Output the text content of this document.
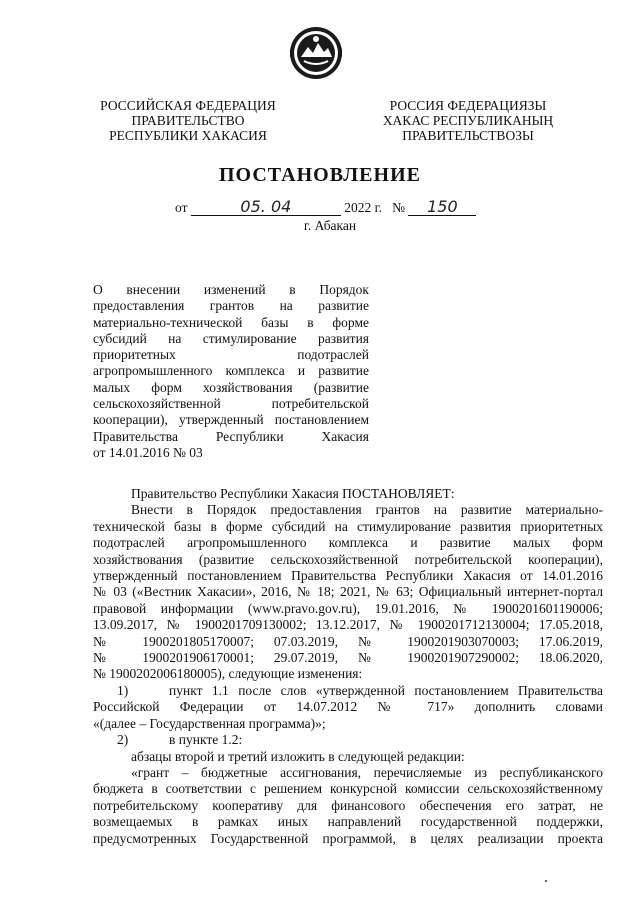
РОССИЙСКАЯ ФЕДЕРАЦИЯ
ПРАВИТЕЛЬСТВО
РЕСПУБЛИКИ ХАКАСИЯ
РОССИЯ ФЕДЕРАЦИЯЗЫ
ХАКАС РЕСПУБЛИКАНЫҢ
ПРАВИТЕЛЬСТВОЗЫ
ПОСТАНОВЛЕНИЕ
от	05. 04	2022 г. № 150
г. Абакан
О внесении изменений в Порядок
предоставления грантов на развитие
материально-технической базы в форме
субсидий на стимулирование развития
приоритетных подотраслей
агропромышленного комплекса и развитие
малых форм хозяйствования (развитие
сельскохозяйственной потребительской
кооперации), утвержденный постановлением
Правительства Республики Хакасия
от 14.01.2016 № 03
Правительство Республики Хакасия ПОСТАНОВЛЯЕТ:
Внести в Порядок предоставления грантов на развитие материально-
технической базы в форме субсидий на стимулирование развития приоритетных
подотраслей агропромышленного комплекса и развитие малых форм
хозяйствования (развитие сельскохозяйственной потребительской кооперации),
утвержденный постановлением Правительства Республики Хакасия от 14.01.2016
№ 03 («Вестник Хакасии», 2016, № 18; 2021, № 63; Официальный интернет-портал
правовой информации (www.pravo.gov.ru), 19.01.2016, № 1900201601190006;
13.09.2017, № 1900201709130002; 13.12.2017, № 1900201712130004; 17.05.2018,
№ 1900201805170007; 07.03.2019, № 1900201903070003; 17.06.2019,
№ 1900201906170001; 29.07.2019, № 1900201907290002; 18.06.2020,
№ 1900202006180005), следующие изменения:
1)	пункт 1.1 после слов «утвержденной постановлением Правительства
Российской Федерации от 14.07.2012 № 717» дополнить словами
«(далее – Государственная программа)»;
2)	в пункте 1.2:
абзацы второй и третий изложить в следующей редакции:
«грант – бюджетные ассигнования, перечисляемые из республиканского
бюджета в соответствии с решением конкурсной комиссии сельскохозяйственному
потребительскому кооперативу для финансового обеспечения его затрат, не
возмещаемых в рамках иных направлений государственной поддержки,
предусмотренных Государственной программой, в целях реализации проекта
